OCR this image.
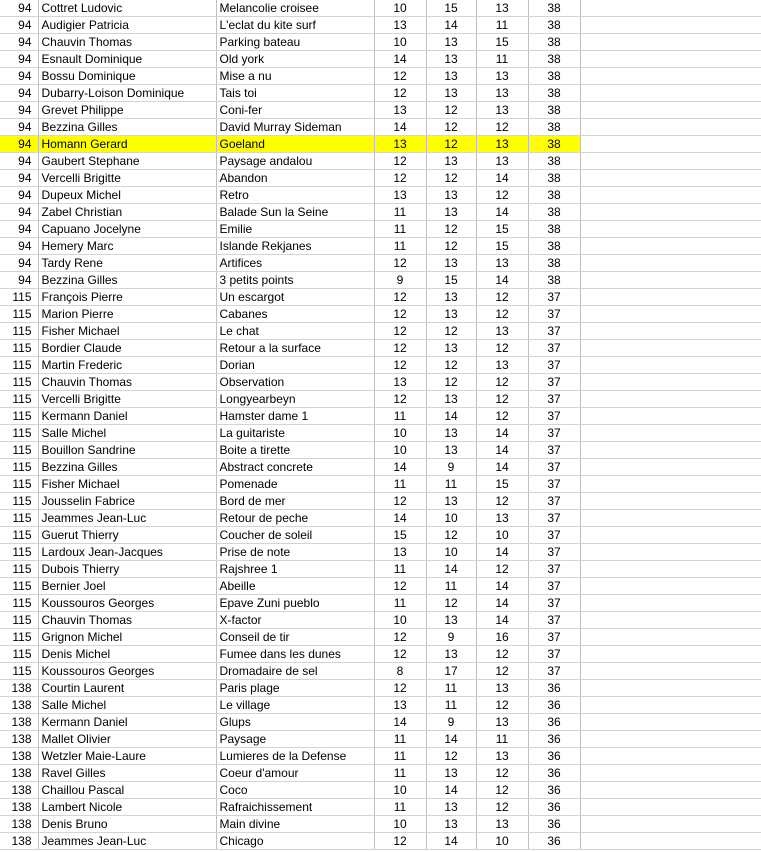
94	Cottret Ludovic	Melancolie croisee	10	15	13	38	
94	Audigier Patricia	L'eclat du kite surf	13	14	11	38	
94	Chauvin Thomas	Parking bateau	10	13	15	38	
94	Esnault Dominique	Old york	14	13	11	38	
94	Bossu Dominique	Mise a nu	12	13	13	38	
94	Dubarry-Loison Dominique	Tais toi	12	13	13	38	
94	Grevet Philippe	Coni-fer	13	12	13	38	
94	Bezzina Gilles	David Murray Sideman	14	12	12	38	
94	Homann Gerard	Goeland	13	12	13	38	
94	Gaubert Stephane	Paysage andalou	12	13	13	38	
94	Vercelli Brigitte	Abandon	12	12	14	38	
94	Dupeux Michel	Retro	13	13	12	38	
94	Zabel Christian	Balade Sun la Seine	11	13	14	38	
94	Capuano Jocelyne	Emilie	11	12	15	38	
94	Hemery Marc	Islande Rekjanes	11	12	15	38	
94	Tardy Rene	Artifices	12	13	13	38	
94	Bezzina Gilles	3 petits points	9	15	14	38	
115	François Pierre	Un escargot	12	13	12	37	
115	Marion Pierre	Cabanes	12	13	12	37	
115	Fisher Michael	Le chat	12	12	13	37	
115	Bordier Claude	Retour a la surface	12	13	12	37	
115	Martin Frederic	Dorian	12	12	13	37	
115	Chauvin Thomas	Observation	13	12	12	37	
115	Vercelli Brigitte	Longyearbeyn	12	13	12	37	
115	Kermann Daniel	Hamster dame 1	11	14	12	37	
115	Salle Michel	La guitariste	10	13	14	37	
115	Bouillon Sandrine	Boite a tirette	10	13	14	37	
115	Bezzina Gilles	Abstract concrete	14	9	14	37	
115	Fisher Michael	Pomenade	11	11	15	37	
115	Jousselin Fabrice	Bord de mer	12	13	12	37	
115	Jeammes Jean-Luc	Retour de peche	14	10	13	37	
115	Guerut Thierry	Coucher de soleil	15	12	10	37	
115	Lardoux Jean-Jacques	Prise de note	13	10	14	37	
115	Dubois Thierry	Rajshree 1	11	14	12	37	
115	Bernier Joel	Abeille	12	11	14	37	
115	Koussouros Georges	Epave Zuni pueblo	11	12	14	37	
115	Chauvin Thomas	X-factor	10	13	14	37	
115	Grignon Michel	Conseil de tir	12	9	16	37	
115	Denis Michel	Fumee dans les dunes	12	13	12	37	
115	Koussouros Georges	Dromadaire de sel	8	17	12	37	
138	Courtin Laurent	Paris plage	12	11	13	36	
138	Salle Michel	Le village	13	11	12	36	
138	Kermann Daniel	Glups	14	9	13	36	
138	Mallet Olivier	Paysage	11	14	11	36	
138	Wetzler Maie-Laure	Lumieres de la Defense	11	12	13	36	
138	Ravel Gilles	Coeur d'amour	11	13	12	36	
138	Chaillou Pascal	Coco	10	14	12	36	
138	Lambert Nicole	Rafraichissement	11	13	12	36	
138	Denis Bruno	Main divine	10	13	13	36	
138	Jeammes Jean-Luc	Chicago	12	14	10	36	
